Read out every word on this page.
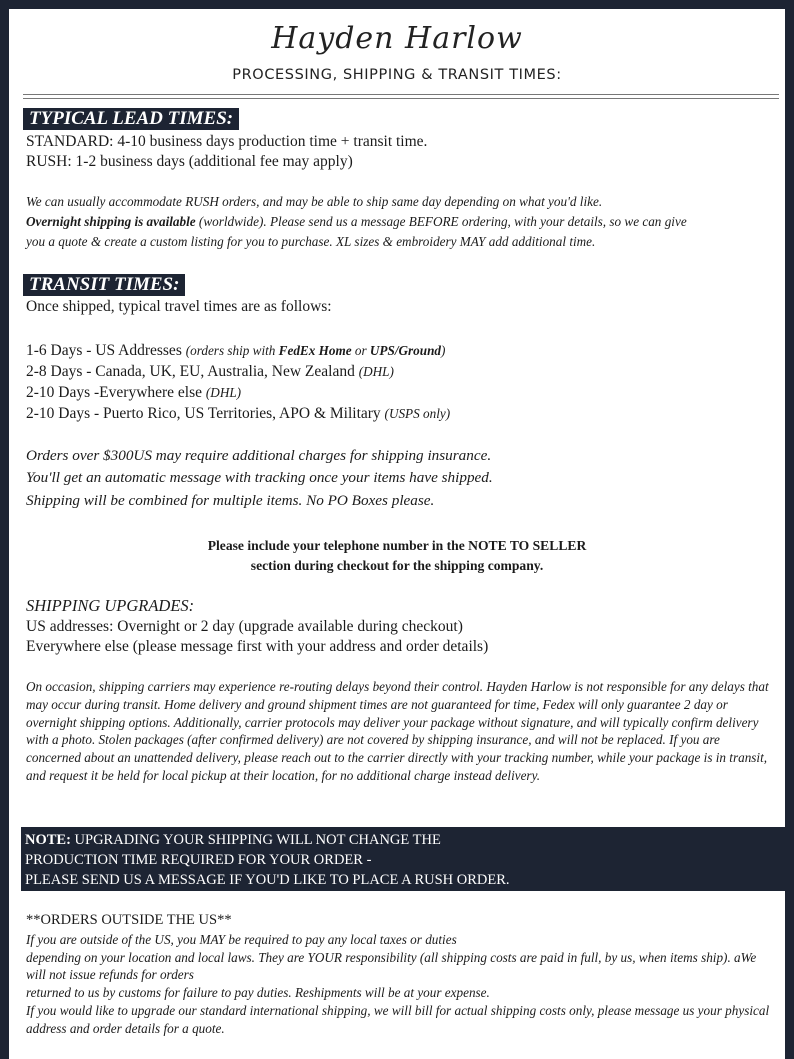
Hayden Harlow
PROCESSING, SHIPPING & TRANSIT TIMES:
TYPICAL LEAD TIMES:
STANDARD: 4-10 business days production time + transit time.
RUSH: 1-2 business days (additional fee may apply)
We can usually accommodate RUSH orders, and may be able to ship same day depending on what you'd like.
Overnight shipping is available (worldwide). Please send us a message BEFORE ordering, with your details, so we can give
you a quote & create a custom listing for you to purchase. XL sizes & embroidery MAY add additional time.
TRANSIT TIMES:
Once shipped, typical travel times are as follows:
1-6 Days - US Addresses (orders ship with FedEx Home or UPS/Ground)
2-8 Days - Canada, UK, EU, Australia, New Zealand (DHL)
2-10 Days -Everywhere else (DHL)
2-10 Days - Puerto Rico, US Territories, APO & Military (USPS only)
Orders over $300US may require additional charges for shipping insurance.
You'll get an automatic message with tracking once your items have shipped.
Shipping will be combined for multiple items. No PO Boxes please.
Please include your telephone number in the NOTE TO SELLER
section during checkout for the shipping company.
SHIPPING UPGRADES:
US addresses: Overnight or 2 day (upgrade available during checkout)
Everywhere else (please message first with your address and order details)
On occasion, shipping carriers may experience re-routing delays beyond their control. Hayden Harlow is not responsible for any delays that may occur during transit. Home delivery and ground shipment times are not guaranteed for time, Fedex will only guarantee 2 day or overnight shipping options. Additionally, carrier protocols may deliver your package without signature, and will typically confirm delivery with a photo. Stolen packages (after confirmed delivery) are not covered by shipping insurance, and will not be replaced. If you are concerned about an unattended delivery, please reach out to the carrier directly with your tracking number, while your package is in transit, and request it be held for local pickup at their location, for no additional charge instead delivery.
NOTE: UPGRADING YOUR SHIPPING WILL NOT CHANGE THE
PRODUCTION TIME REQUIRED FOR YOUR ORDER -
PLEASE SEND US A MESSAGE IF YOU'D LIKE TO PLACE A RUSH ORDER.
**ORDERS OUTSIDE THE US**
If you are outside of the US, you MAY be required to pay any local taxes or duties
depending on your location and local laws. They are YOUR responsibility (all shipping costs are paid in full, by us, when items ship). aWe will not issue refunds for orders
returned to us by customs for failure to pay duties. Reshipments will be at your expense.
If you would like to upgrade our standard international shipping, we will bill for actual shipping costs only, please message us your physical address and order details for a quote.
